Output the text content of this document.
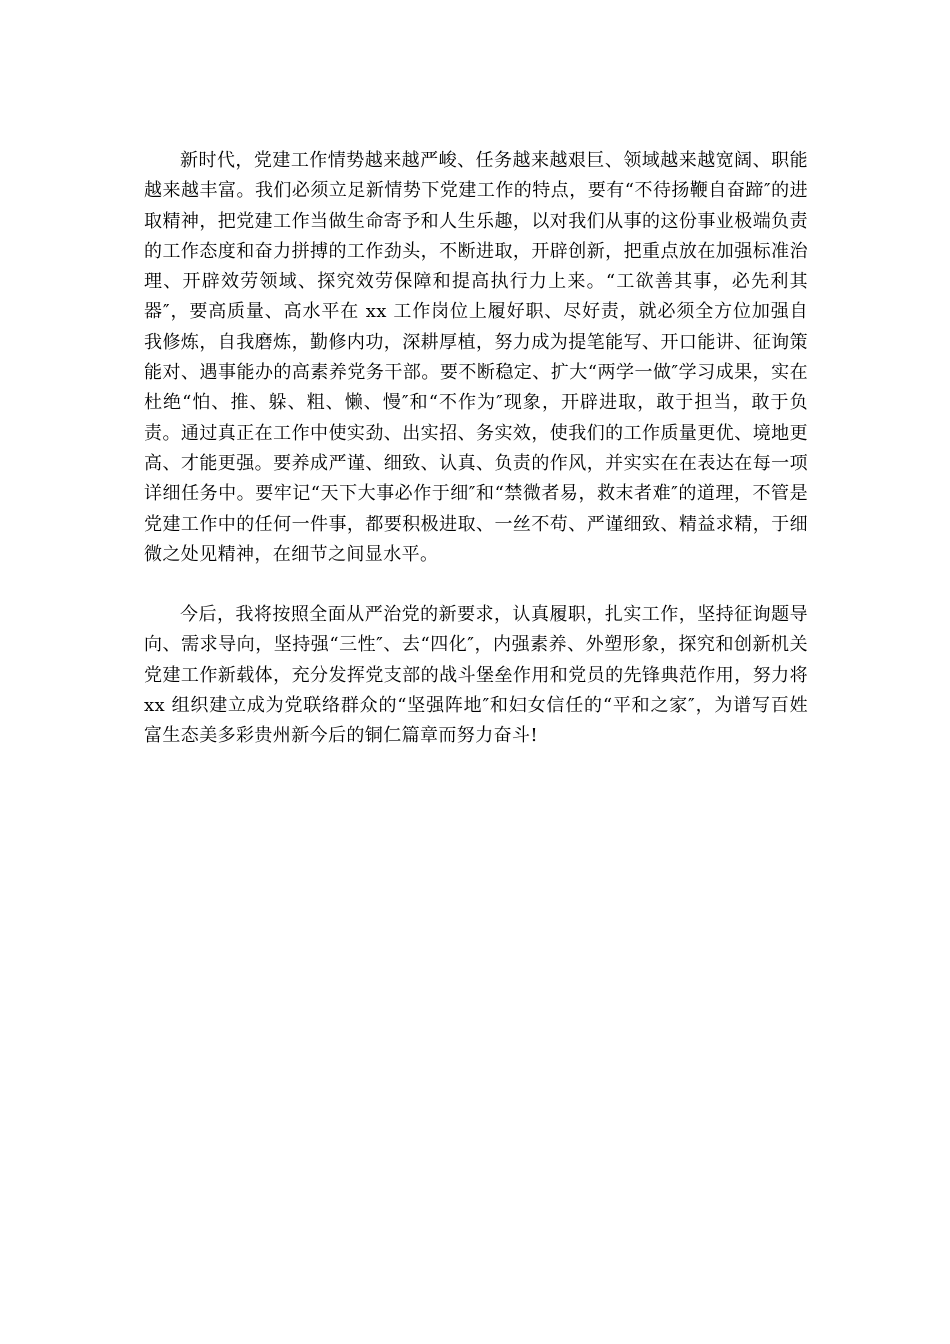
新时代，党建工作情势越来越严峻、任务越来越艰巨、领域越来越宽阔、职能越来越丰富。我们必须立足新情势下党建工作的特点，要有“不待扬鞭自奋蹄″的进取精神，把党建工作当做生命寄予和人生乐趣，以对我们从事的这份事业极端负责的工作态度和奋力拼搏的工作劲头，不断进取，开辟创新，把重点放在加强标准治理、开辟效劳领域、探究效劳保障和提高执行力上来。“工欲善其事，必先利其器″，要高质量、高水平在 xx 工作岗位上履好职、尽好责，就必须全方位加强自我修炼，自我磨炼，勤修内功，深耕厚植，努力成为提笔能写、开口能讲、征询策能对、遇事能办的高素养党务干部。要不断稳定、扩大“两学一做″学习成果，实在杜绝“怕、推、躲、粗、懒、慢″和“不作为″现象，开辟进取，敢于担当，敢于负责。通过真正在工作中使实劲、出实招、务实效，使我们的工作质量更优、境地更高、才能更强。要养成严谨、细致、认真、负责的作风，并实实在在表达在每一项详细任务中。要牢记“天下大事必作于细″和“禁微者易，救末者难″的道理，不管是党建工作中的任何一件事，都要积极进取、一丝不苟、严谨细致、精益求精，于细微之处见精神，在细节之间显水平。

今后，我将按照全面从严治党的新要求，认真履职，扎实工作，坚持征询题导向、需求导向，坚持强“三性″、去“四化″，内强素养、外塑形象，探究和创新机关党建工作新载体，充分发挥党支部的战斗堡垒作用和党员的先锋典范作用，努力将 xx 组织建立成为党联络群众的“坚强阵地″和妇女信任的“平和之家″，为谱写百姓富生态美多彩贵州新今后的铜仁篇章而努力奋斗!
